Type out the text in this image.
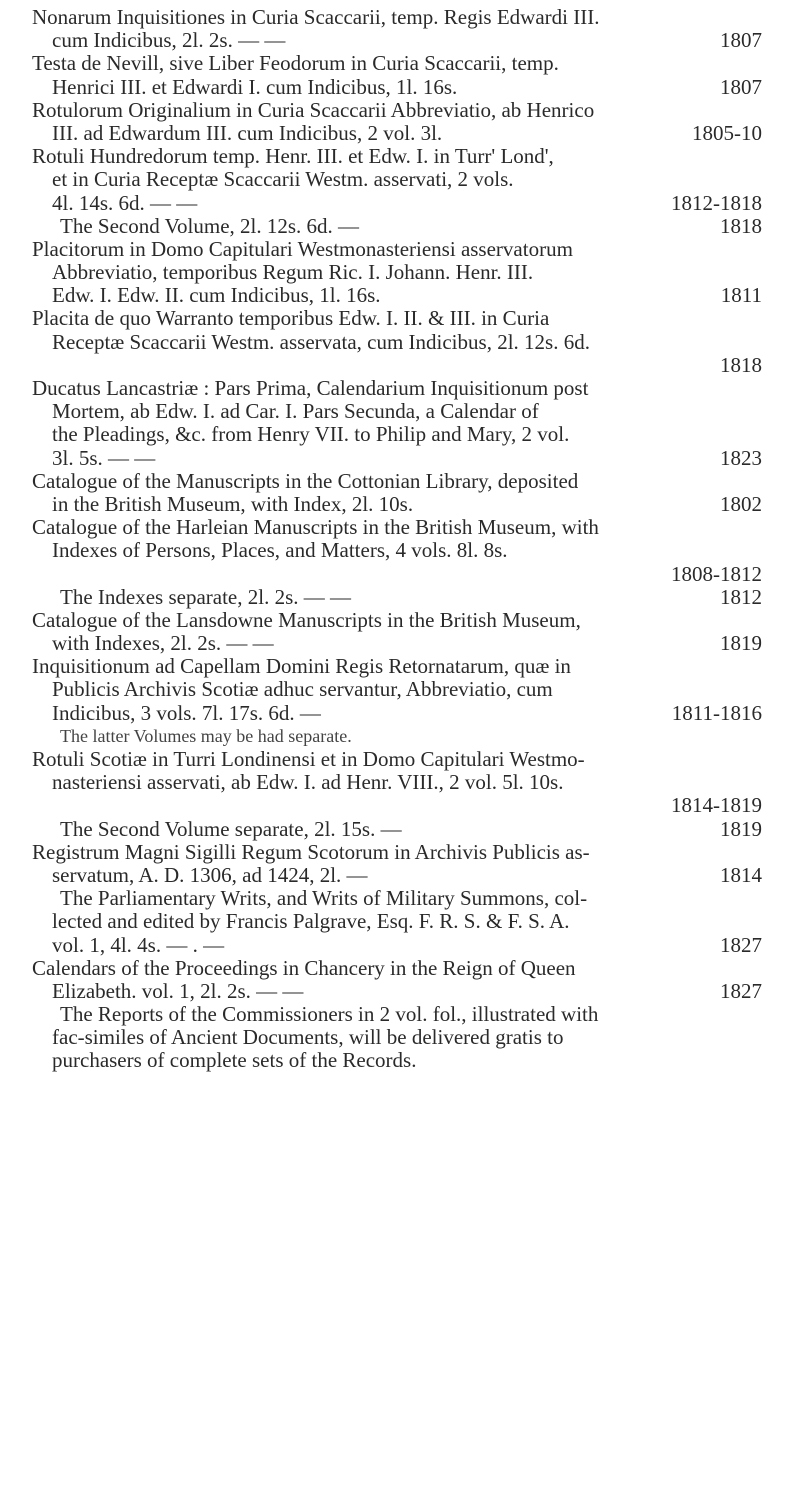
Nonarum Inquisitiones in Curia Scaccarii, temp. Regis Edwardi III.
cum Indicibus, 2l. 2s. — —	1807
Testa de Nevill, sive Liber Feodorum in Curia Scaccarii, temp.
Henrici III. et Edwardi I. cum Indicibus, 1l. 16s.	1807
Rotulorum Originalium in Curia Scaccarii Abbreviatio, ab Henrico
III. ad Edwardum III. cum Indicibus, 2 vol. 3l.	1805-10
Rotuli Hundredorum temp. Henr. III. et Edw. I. in Turr' Lond',
et in Curia Receptæ Scaccarii Westm. asservati, 2 vols.
4l. 14s. 6d. — —	1812-1818
The Second Volume, 2l. 12s. 6d. —	1818
Placitorum in Domo Capitulari Westmonasteriensi asservatorum
Abbreviatio, temporibus Regum Ric. I. Johann. Henr. III.
Edw. I. Edw. II. cum Indicibus, 1l. 16s.	1811
Placita de quo Warranto temporibus Edw. I. II. & III. in Curia
Receptæ Scaccarii Westm. asservata, cum Indicibus, 2l. 12s. 6d.
1818
Ducatus Lancastriæ : Pars Prima, Calendarium Inquisitionum post
Mortem, ab Edw. I. ad Car. I. Pars Secunda, a Calendar of
the Pleadings, &c. from Henry VII. to Philip and Mary, 2 vol.
3l. 5s. — —	1823
Catalogue of the Manuscripts in the Cottonian Library, deposited
in the British Museum, with Index, 2l. 10s.	1802
Catalogue of the Harleian Manuscripts in the British Museum, with
Indexes of Persons, Places, and Matters, 4 vols. 8l. 8s.
1808-1812
The Indexes separate, 2l. 2s. — —	1812
Catalogue of the Lansdowne Manuscripts in the British Museum,
with Indexes, 2l. 2s. — —	1819
Inquisitionum ad Capellam Domini Regis Retornatarum, quæ in
Publicis Archivis Scotiæ adhuc servantur, Abbreviatio, cum
Indicibus, 3 vols. 7l. 17s. 6d. —	1811-1816
The latter Volumes may be had separate.
Rotuli Scotiæ in Turri Londinensi et in Domo Capitulari Westmo-
nasteriensi asservati, ab Edw. I. ad Henr. VIII., 2 vol. 5l. 10s.
1814-1819
The Second Volume separate, 2l. 15s. —	1819
Registrum Magni Sigilli Regum Scotorum in Archivis Publicis as-
servatum, A. D. 1306, ad 1424, 2l. —	1814
The Parliamentary Writs, and Writs of Military Summons, col-
lected and edited by Francis Palgrave, Esq. F. R. S. & F. S. A.
vol. 1, 4l. 4s. — . —	1827
Calendars of the Proceedings in Chancery in the Reign of Queen
Elizabeth. vol. 1, 2l. 2s. — —	1827
The Reports of the Commissioners in 2 vol. fol., illustrated with
fac-similes of Ancient Documents, will be delivered gratis to
purchasers of complete sets of the Records.
